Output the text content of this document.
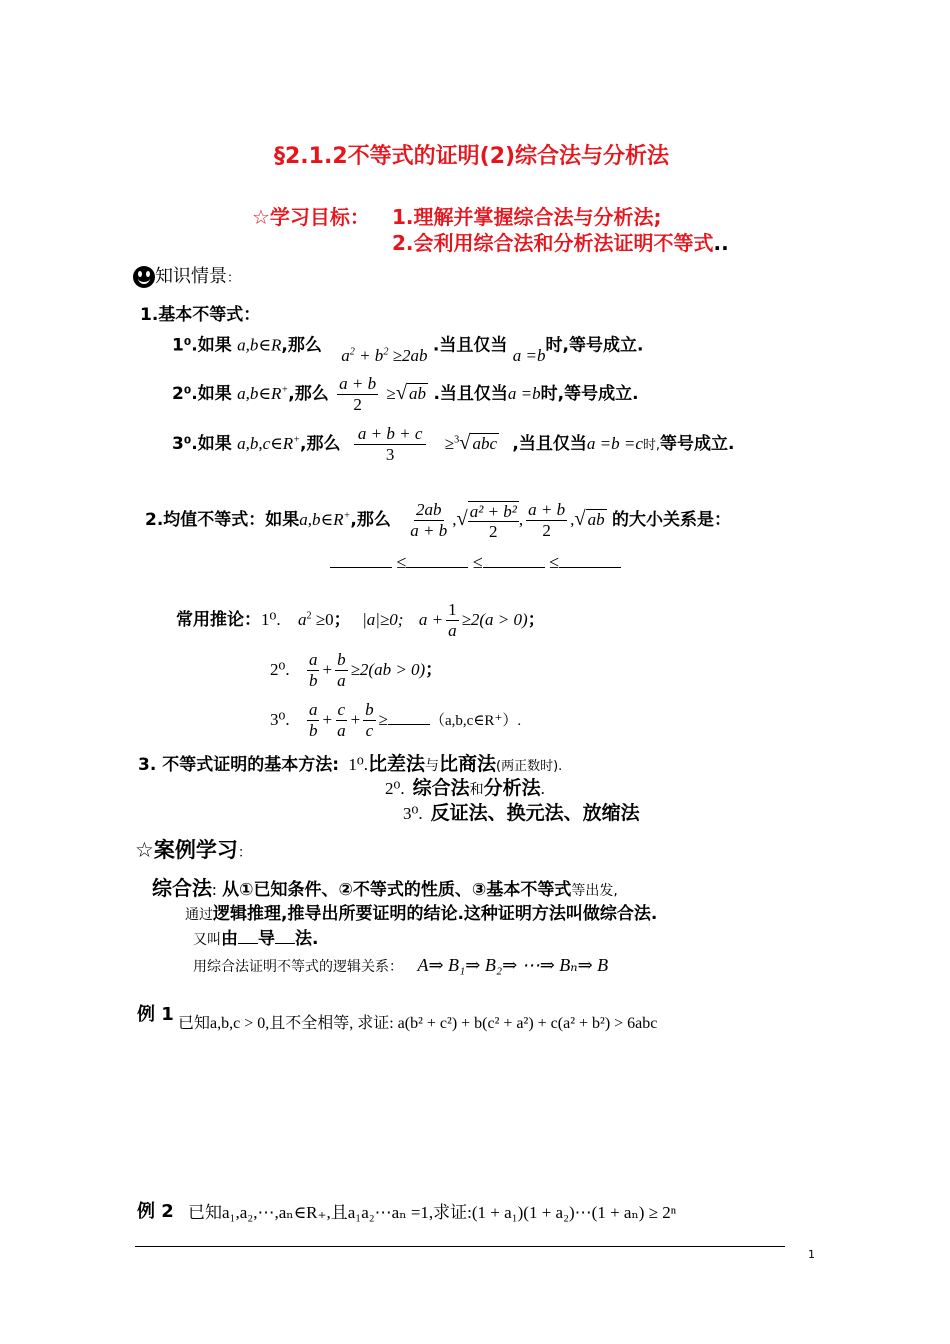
§2.1.2不等式的证明(2)综合法与分析法
☆学习目标： 1.理解并掌握综合法与分析法;
2.会利用综合法和分析法证明不等式..
知识情景：
1.基本不等式：
1⁰.如果 a,b∈R,那么 $a^2 + b^2 \ge 2ab$ .当且仅当 a =b时,等号成立.
2⁰.如果 a,b∈R+,那么 $\frac{a + b}{2}$ ≥√ ab .当且仅当a =b时,等号成立.
3⁰.如果 a,b,c∈R+,那么 $\frac{a + b + c}{3} \ge^3√$ abc ,当且仅当a =b =c时,等号成立.
2.均值不等式：如果a,b∈R+,那么 $\frac{2ab}{a + b}$ ,√ $\frac{\text{a² + b²}}{2}$ , $\frac{a + b}{2}$ ,√ ab 的大小关系是：
≤	≤	≤
常用推论：1⁰. $a^2 \ge 0$； |a|≥0; $a + \frac{1}{a} \ge 2(a > 0)$；
2⁰. $\frac{a}{b} + \frac{b}{a} \ge 2(ab > 0)$；
3⁰. $\frac{a}{b} + \frac{c}{a} + \frac{b}{c}$ ≥	（a,b,c∈R⁺）.
3. 不等式证明的基本方法: 1⁰.比差法与比商法(两正数时).
2⁰. 综合法和分析法.
3⁰. 反证法、换元法、放缩法
☆案例学习：
综合法: 从①已知条件、②不等式的性质、③基本不等式等出发,
通过逻辑推理,推导出所要证明的结论.这种证明方法叫做综合法.
又叫由 导 法.
用综合法证明不等式的逻辑关系： A⇒ B₁⇒ B₂⇒ ⋯⇒ Bₙ⇒ B
例 1 已知a,b,c > 0,且不全相等, 求证: a(b² + c²) + b(c² + a²) + c(a² + b²) > 6abc
例 2 已知a₁,a₂,⋯,aₙ∈R₊,且a₁a₂⋯aₙ =1,求证:(1 + a₁)(1 + a₂)⋯(1 + aₙ) ≥ 2ⁿ
1
